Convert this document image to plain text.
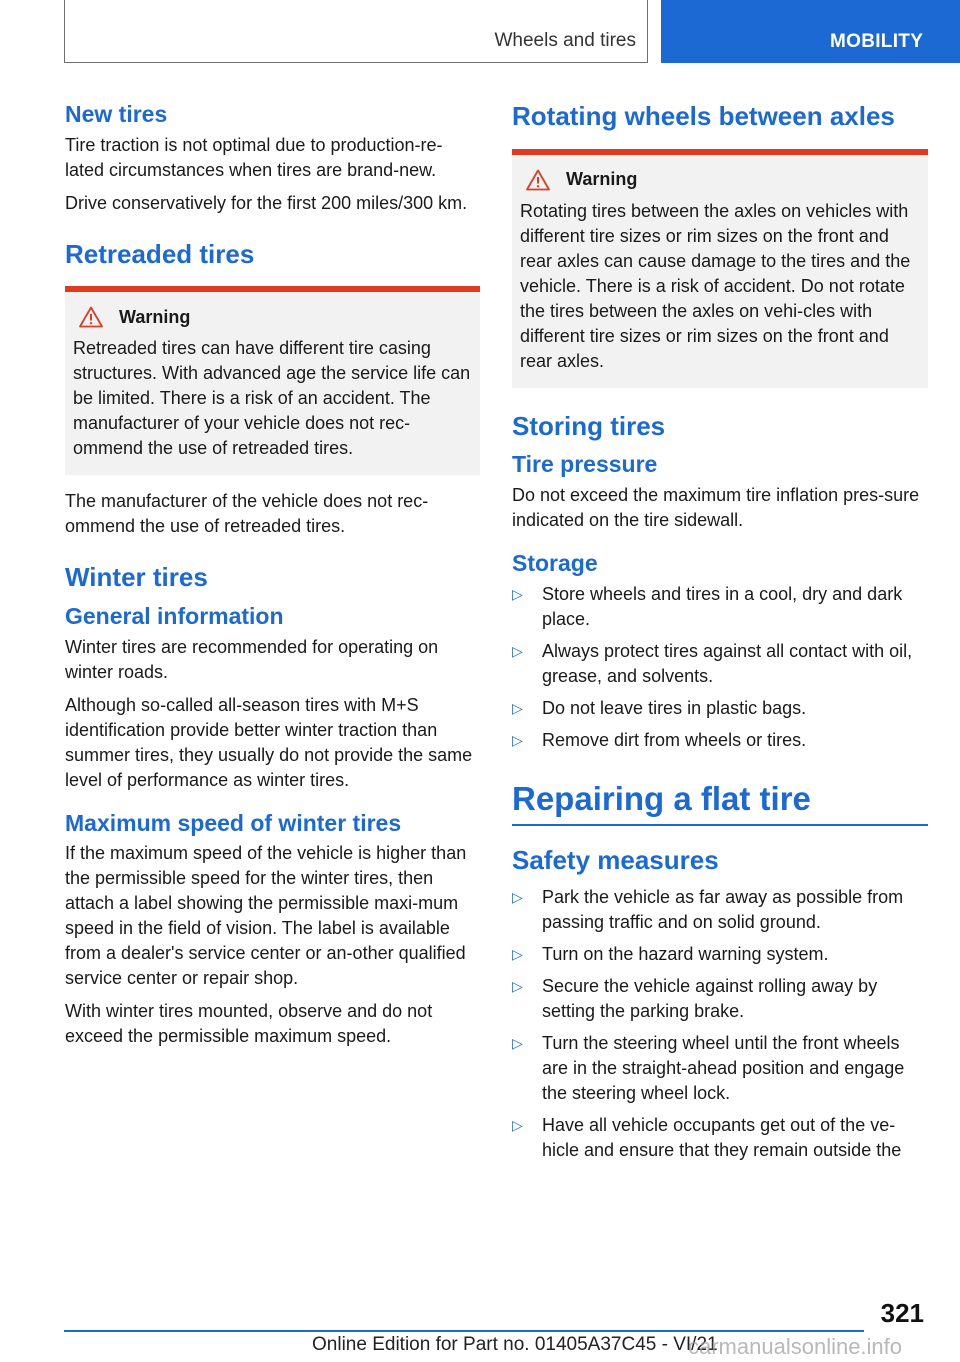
Wheels and tires	MOBILITY
New tires

Tire traction is not optimal due to production-re-lated circumstances when tires are brand-new.

Drive conservatively for the first 200 miles/300 km.

Retreaded tires
Warning

Retreaded tires can have different tire casing structures. With advanced age the service life can be limited. There is a risk of an accident. The manufacturer of your vehicle does not rec-ommend the use of retreaded tires.

The manufacturer of the vehicle does not rec-ommend the use of retreaded tires.

Winter tires
General information

Winter tires are recommended for operating on winter roads.

Although so-called all-season tires with M+S identification provide better winter traction than summer tires, they usually do not provide the same level of performance as winter tires.

Maximum speed of winter tires

If the maximum speed of the vehicle is higher than the permissible speed for the winter tires, then attach a label showing the permissible maxi-mum speed in the field of vision. The label is available from a dealer's service center or an-other qualified service center or repair shop.

With winter tires mounted, observe and do not exceed the permissible maximum speed.

Rotating wheels between axles
Warning

Rotating tires between the axles on vehicles with different tire sizes or rim sizes on the front and rear axles can cause damage to the tires and the vehicle. There is a risk of accident. Do not rotate the tires between the axles on vehi-cles with different tire sizes or rim sizes on the front and rear axles.

Storing tires
Tire pressure

Do not exceed the maximum tire inflation pres-sure indicated on the tire sidewall.

Storage
▷ Store wheels and tires in a cool, dry and dark place.
▷ Always protect tires against all contact with oil, grease, and solvents.
▷ Do not leave tires in plastic bags.
▷ Remove dirt from wheels or tires.
Repairing a flat tire
Safety measures
▷ Park the vehicle as far away as possible from passing traffic and on solid ground.
▷ Turn on the hazard warning system.
▷ Secure the vehicle against rolling away by setting the parking brake.
▷ Turn the steering wheel until the front wheels are in the straight-ahead position and engage the steering wheel lock.
▷ Have all vehicle occupants get out of the ve-hicle and ensure that they remain outside the
321
Online Edition for Part no. 01405A37C45 - VI/21
carmanualsonline.info
